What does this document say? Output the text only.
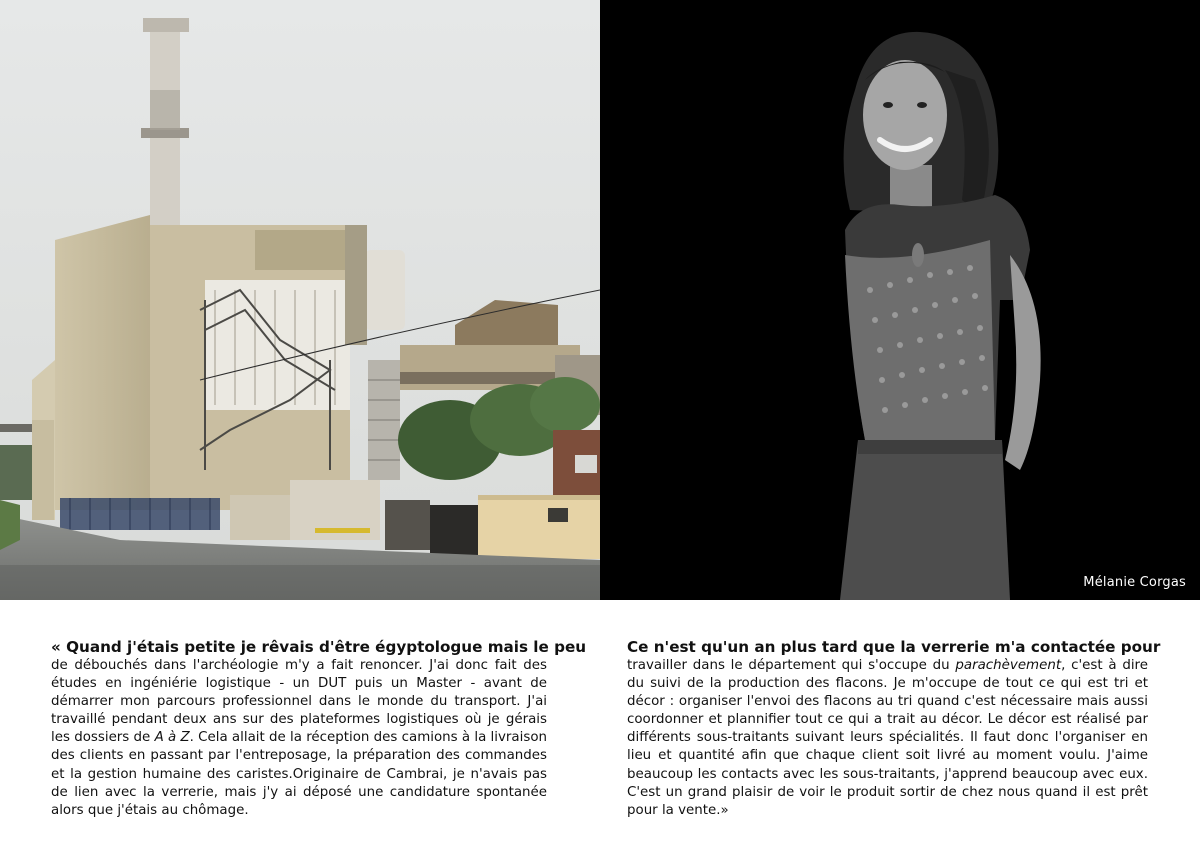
Mélanie Corgas
« Quand j'étais petite je rêvais d'être égyptologue mais le peu

de débouchés dans l'archéologie m'y a fait renoncer. J'ai donc fait des études en ingéniérie logistique - un DUT puis un Master - avant de démarrer mon parcours professionnel dans le monde du transport. J'ai travaillé pendant deux ans sur des plateformes logistiques où je gérais les dossiers de A à Z. Cela allait de la réception des camions à la livraison des clients en passant par l'entreposage, la préparation des commandes et la gestion humaine des caristes.Originaire de Cambrai, je n'avais pas de lien avec la verrerie, mais j'y ai déposé une candidature spontanée alors que j'étais au chômage.

Ce n'est qu'un an plus tard que la verrerie m'a contactée pour

travailler dans le département qui s'occupe du parachèvement, c'est à dire du suivi de la production des flacons. Je m'occupe de tout ce qui est tri et décor : organiser l'envoi des flacons au tri quand c'est nécessaire mais aussi coordonner et plannifier tout ce qui a trait au décor. Le décor est réalisé par différents sous-traitants suivant leurs spécialités. Il faut donc l'organiser en lieu et quantité afin que chaque client soit livré au moment voulu. J'aime beaucoup les contacts avec les sous-traitants, j'apprend beaucoup avec eux. C'est un grand plaisir de voir le produit sortir de chez nous quand il est prêt pour la vente.»
